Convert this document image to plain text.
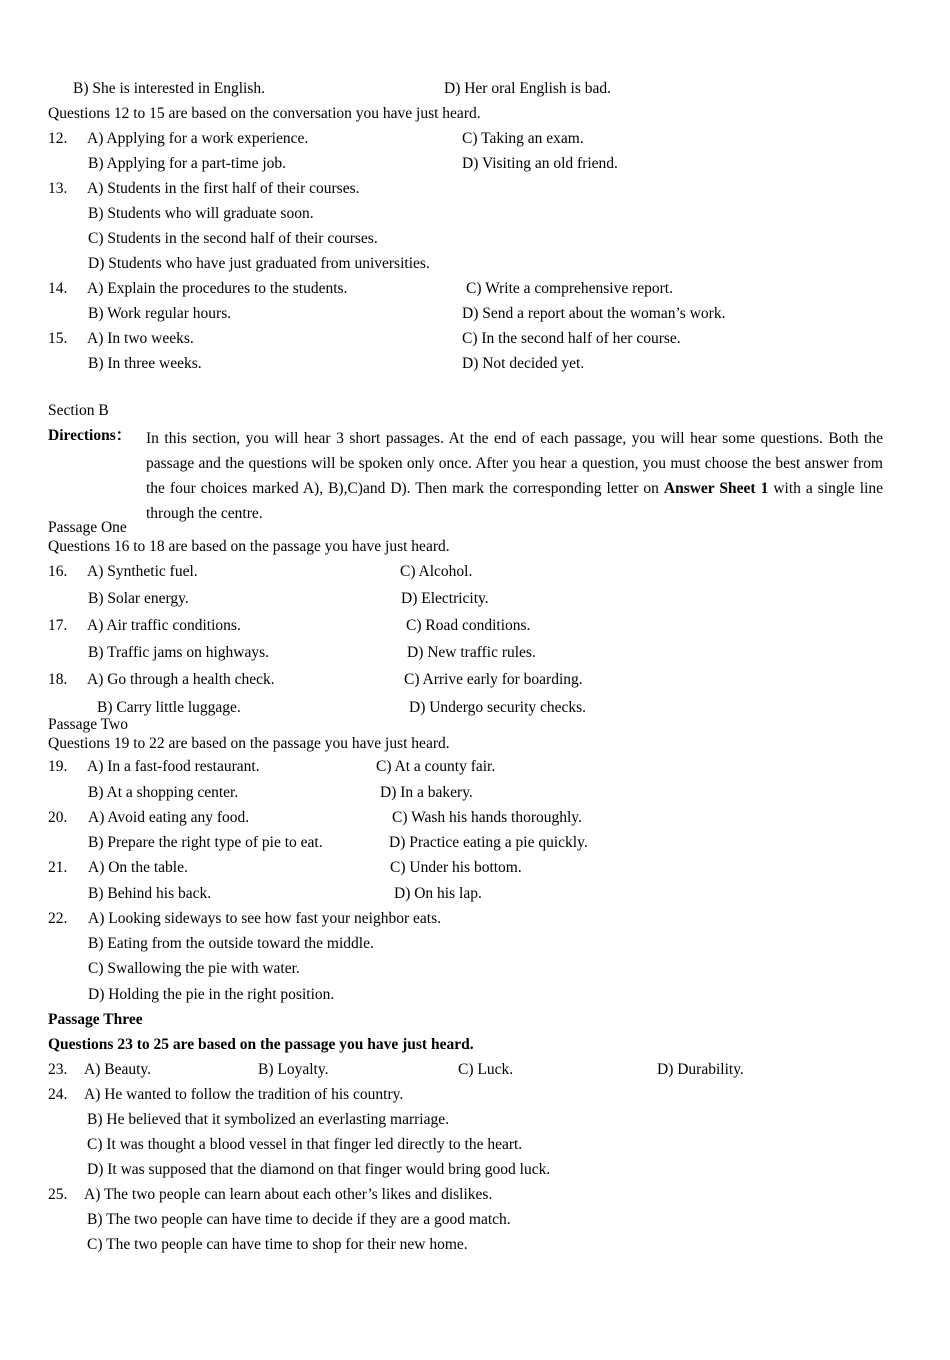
B) She is interested in English.	D) Her oral English is bad.
Questions 12 to 15 are based on the conversation you have just heard.
12. A) Applying for a work experience.	C) Taking an exam.
B) Applying for a part-time job.	D) Visiting an old friend.
13. A) Students in the first half of their courses.
B) Students who will graduate soon.
C) Students in the second half of their courses.
D) Students who have just graduated from universities.
14. A) Explain the procedures to the students.	C) Write a comprehensive report.
B) Work regular hours.	D) Send a report about the woman’s work.
15. A) In two weeks.	C) In the second half of her course.
B) In three weeks.	D) Not decided yet.
Section B
Directions： In this section, you will hear 3 short passages. At the end of each passage, you will hear some questions. Both the passage and the questions will be spoken only once. After you hear a question, you must choose the best answer from the four choices marked A), B),C)and D). Then mark the corresponding letter on Answer Sheet 1 with a single line through the centre.
Passage One
Questions 16 to 18 are based on the passage you have just heard.
16. A) Synthetic fuel.	C) Alcohol.
B) Solar energy.	D) Electricity.
17. A) Air traffic conditions.	C) Road conditions.
B) Traffic jams on highways.	D) New traffic rules.
18. A) Go through a health check.	C) Arrive early for boarding.
B) Carry little luggage.	D) Undergo security checks.
Passage Two
Questions 19 to 22 are based on the passage you have just heard.
19. A) In a fast-food restaurant.	C) At a county fair.
B) At a shopping center.	D) In a bakery.
20. A) Avoid eating any food.	C) Wash his hands thoroughly.
B) Prepare the right type of pie to eat.	D) Practice eating a pie quickly.
21. A) On the table.	C) Under his bottom.
B) Behind his back.	D) On his lap.
22. A) Looking sideways to see how fast your neighbor eats.
B) Eating from the outside toward the middle.
C) Swallowing the pie with water.
D) Holding the pie in the right position.
Passage Three
Questions 23 to 25 are based on the passage you have just heard.
23. A) Beauty.	B) Loyalty.	C) Luck.	D) Durability.
24. A) He wanted to follow the tradition of his country.
B) He believed that it symbolized an everlasting marriage.
C) It was thought a blood vessel in that finger led directly to the heart.
D) It was supposed that the diamond on that finger would bring good luck.
25. A) The two people can learn about each other’s likes and dislikes.
B) The two people can have time to decide if they are a good match.
C) The two people can have time to shop for their new home.
